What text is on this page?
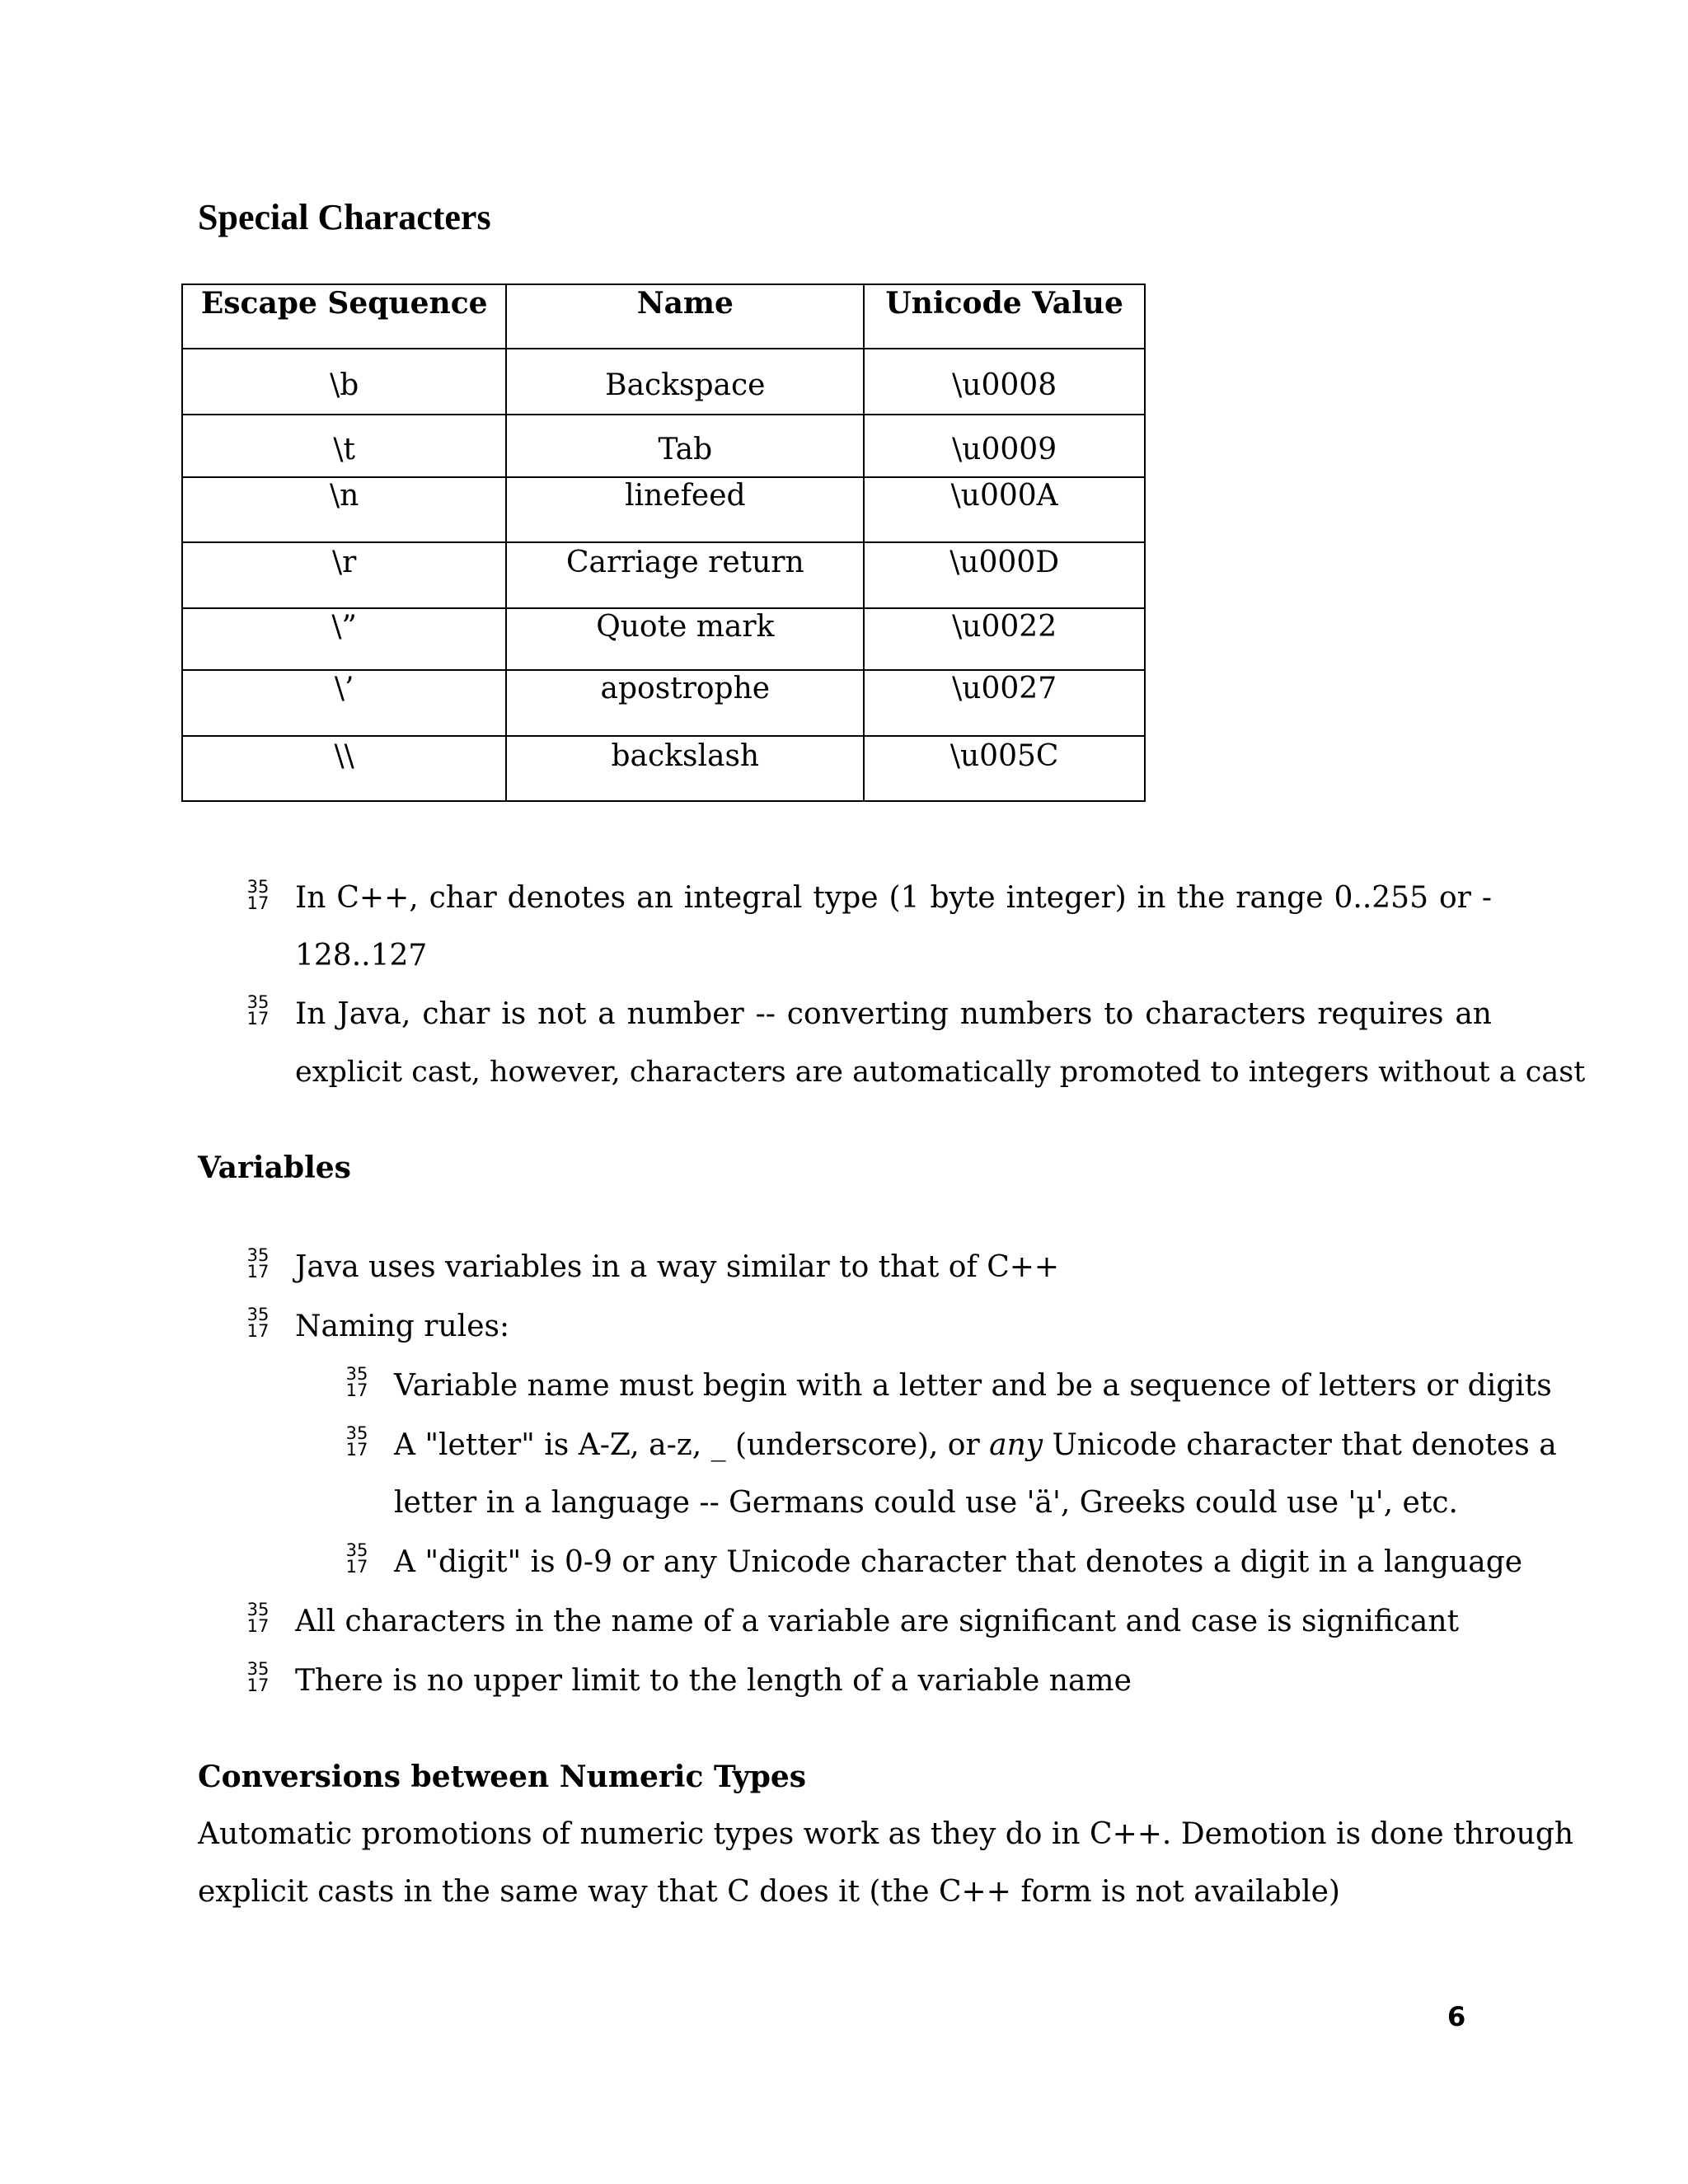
Special Characters
Escape Sequence	Name	Unicode Value
\b	Backspace	\u0008
\t	Tab	\u0009
\n	linefeed	\u000A
\r	Carriage return	\u000D
\”	Quote mark	\u0022
\’	apostrophe	\u0027
\\	backslash	\u005C
35
17 In C++, char denotes an integral type (1 byte integer) in the range 0..255 or -
128..127
35
17 In Java, char is not a number -- converting numbers to characters requires an
explicit cast, however, characters are automatically promoted to integers without a cast
Variables
35
17 Java uses variables in a way similar to that of C++
35
17 Naming rules:
35
17 Variable name must begin with a letter and be a sequence of letters or digits
35
17 A "letter" is A-Z, a-z, _ (underscore), or any Unicode character that denotes a
letter in a language -- Germans could use 'ä', Greeks could use 'μ', etc.
35
17 A "digit" is 0-9 or any Unicode character that denotes a digit in a language
35
17 All characters in the name of a variable are significant and case is significant
35
17 There is no upper limit to the length of a variable name
Conversions between Numeric Types
Automatic promotions of numeric types work as they do in C++. Demotion is done through
explicit casts in the same way that C does it (the C++ form is not available)
6
